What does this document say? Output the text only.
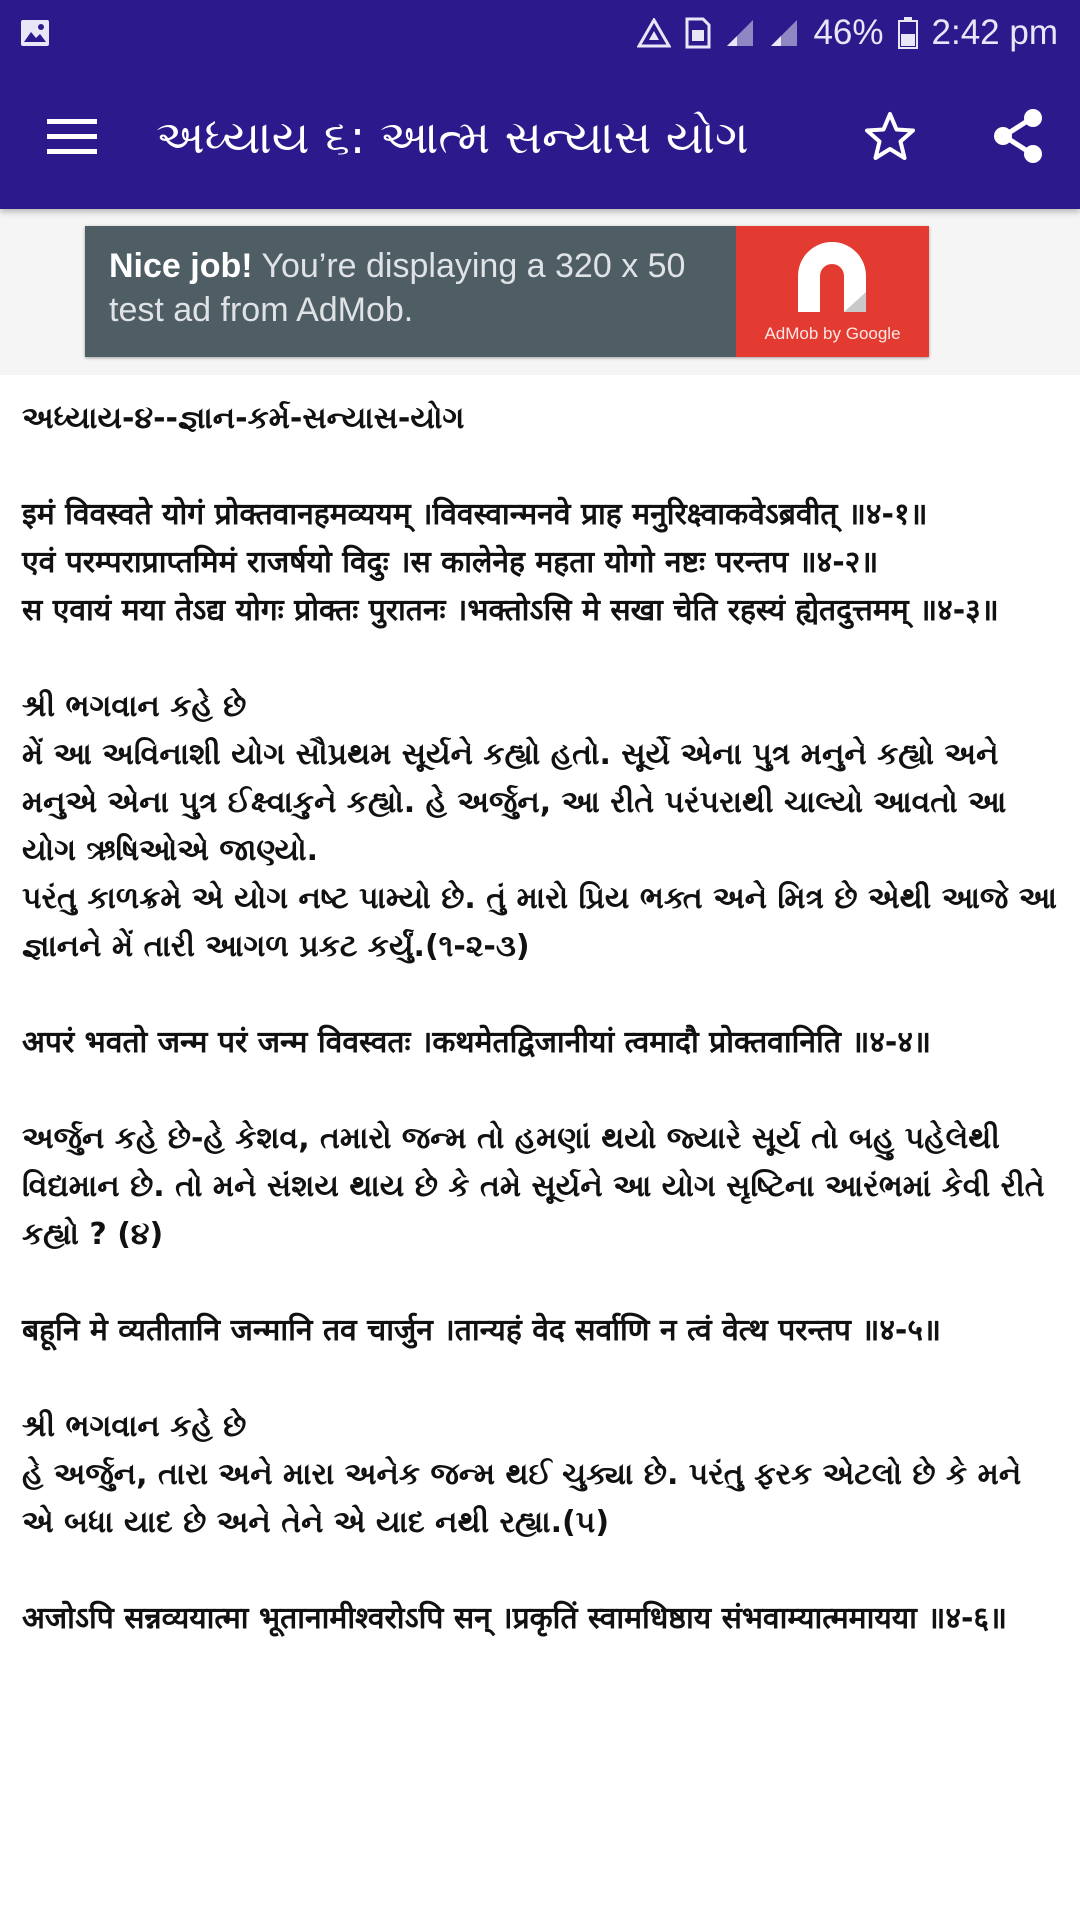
46% 2:42 pm
અધ્યાય ૬: આત્મ સન્યાસ યોગ
Nice job! You’re displaying a 320 x 50 test ad from AdMob.
AdMob by Google

અધ્યાય-૪--જ્ઞાન-કર્મ-સન્યાસ-યોગ

इमं विवस्वते योगं प्रोक्तवानहमव्ययम् ।विवस्वान्मनवे प्राह मनुरिक्ष्वाकवेऽब्रवीत् ॥४-१॥
एवं परम्पराप्राप्तमिमं राजर्षयो विदुः ।स कालेनेह महता योगो नष्टः परन्तप ॥४-२॥
स एवायं मया तेऽद्य योगः प्रोक्तः पुरातनः ।भक्तोऽसि मे सखा चेति रहस्यं ह्येतदुत्तमम् ॥४-३॥

શ્રી ભગવાન કહે છે
મેં આ અવિનાશી યોગ સૌપ્રથમ સૂર્યને કહ્યો હતો. સૂર્યે એના પુત્ર મનુને કહ્યો અને મનુએ એના પુત્ર ઈક્ષ્વાકુને કહ્યો. હે અર્જુન, આ રીતે પરંપરાથી ચાલ્યો આવતો આ યોગ ઋષિઓએ જાણ્યો.
પરંતુ કાળક્રમે એ યોગ નષ્ટ પામ્યો છે. તું મારો પ્રિય ભક્ત અને મિત્ર છે એથી આજે આ જ્ઞાનને મેં તારી આગળ પ્રકટ કર્યું.(૧-૨-૩)

अपरं भवतो जन्म परं जन्म विवस्वतः ।कथमेतद्विजानीयां त्वमादौ प्रोक्तवानिति ॥४-४॥

અર્જુન કહે છે-હે કેશવ, તમારો જન્મ તો હમણાં થયો જ્યારે સૂર્ય તો બહુ પહેલેથી વિદ્યમાન છે. તો મને સંશય થાય છે કે તમે સૂર્યને આ યોગ સૃષ્ટિના આરંભમાં કેવી રીતે કહ્યો ? (૪)

बहूनि मे व्यतीतानि जन्मानि तव चार्जुन ।तान्यहं वेद सर्वाणि न त्वं वेत्थ परन्तप ॥४-५॥

શ્રી ભગવાન કહે છે
હે અર્જુન, તારા અને મારા અનેક જન્મ થઈ ચુક્યા છે. પરંતુ ફરક એટલો છે કે મને એ બધા યાદ છે અને તેને એ યાદ નથી રહ્યા.(૫)

अजोऽपि सन्नव्ययात्मा भूतानामीश्वरोऽपि सन् ।प्रकृतिं स्वामधिष्ठाय संभवाम्यात्ममायया ॥४-६॥
